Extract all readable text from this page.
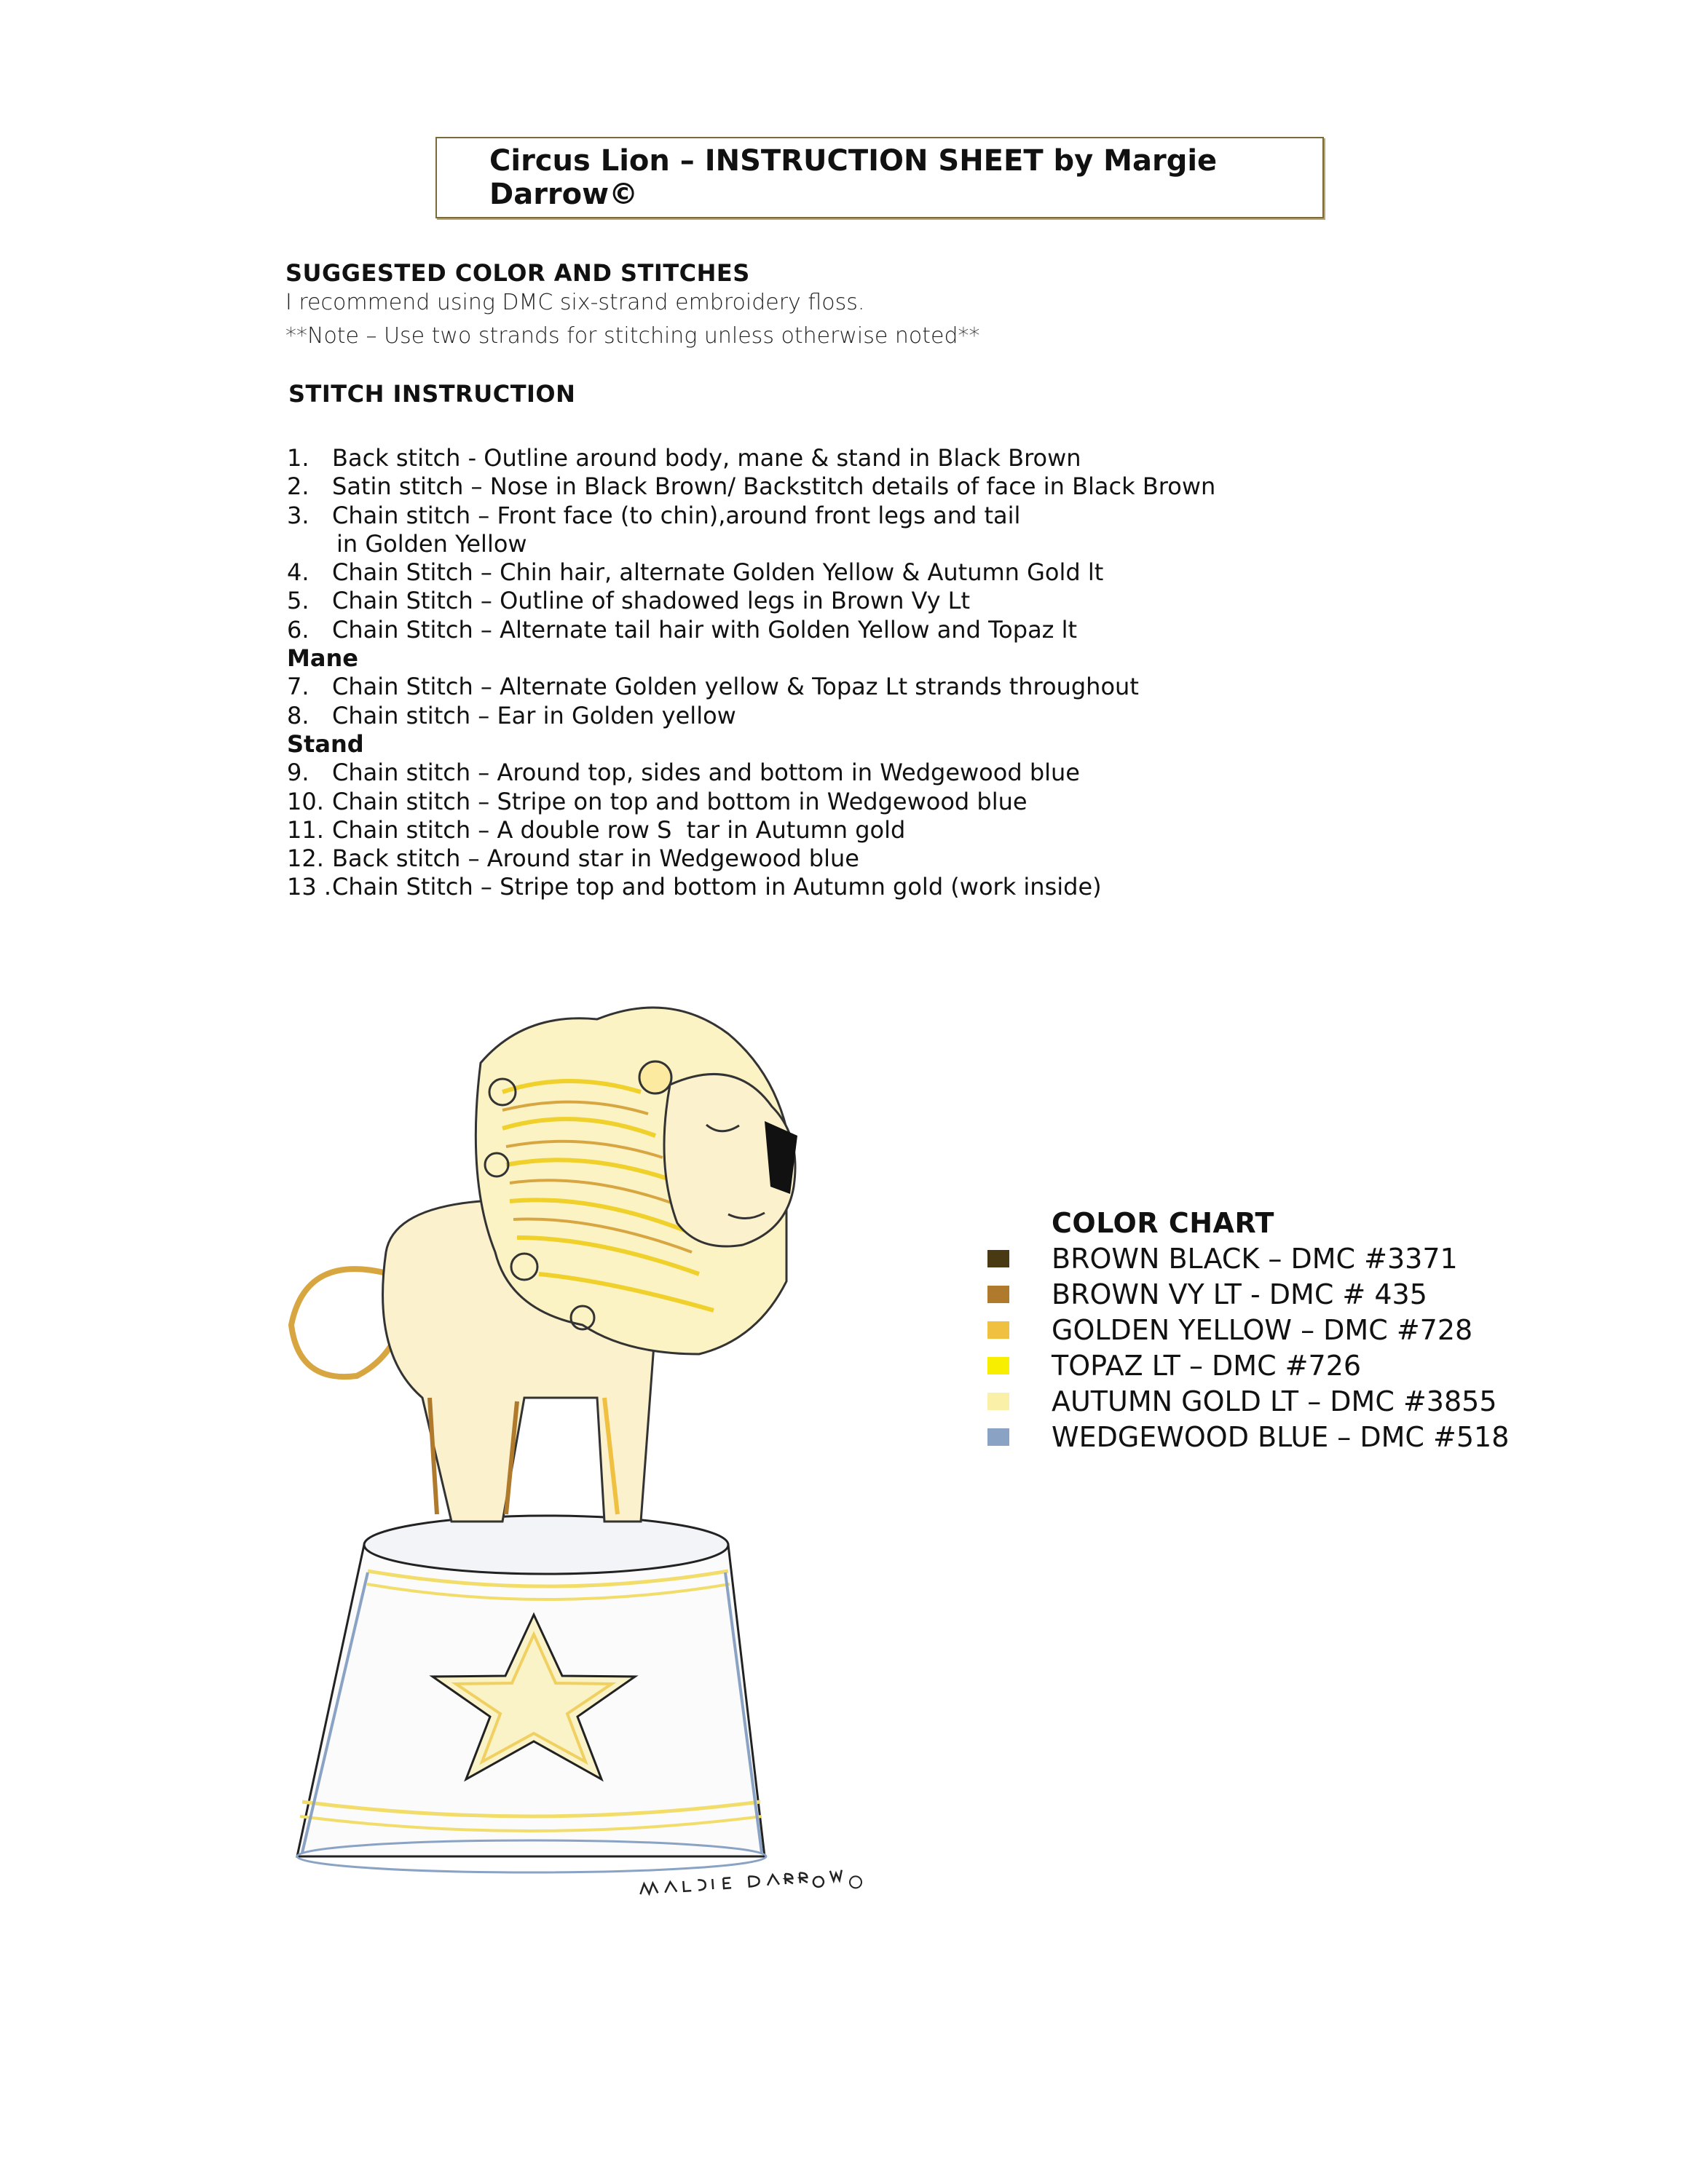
Circus Lion – INSTRUCTION SHEET by Margie Darrow©
SUGGESTED COLOR AND STITCHES
I recommend using DMC six-strand embroidery floss.
**Note – Use two strands for stitching unless otherwise noted**
STITCH INSTRUCTION
1. Back stitch - Outline around body, mane & stand in Black Brown
2. Satin stitch – Nose in Black Brown/ Backstitch details of face in Black Brown
3. Chain stitch – Front face (to chin),around front legs and tail
in Golden Yellow
4. Chain Stitch – Chin hair, alternate Golden Yellow & Autumn Gold lt
5. Chain Stitch – Outline of shadowed legs in Brown Vy Lt
6. Chain Stitch – Alternate tail hair with Golden Yellow and Topaz lt
Mane
7. Chain Stitch – Alternate Golden yellow & Topaz Lt strands throughout
8. Chain stitch – Ear in Golden yellow
Stand
9. Chain stitch – Around top, sides and bottom in Wedgewood blue
10. Chain stitch – Stripe on top and bottom in Wedgewood blue
11. Chain stitch – A double row S  tar in Autumn gold
12. Back stitch – Around star in Wedgewood blue
13 .Chain Stitch – Stripe top and bottom in Autumn gold (work inside)
COLOR CHART
BROWN BLACK – DMC #3371
BROWN VY LT - DMC # 435
GOLDEN YELLOW – DMC #728
TOPAZ LT – DMC #726
AUTUMN GOLD LT – DMC #3855
WEDGEWOOD BLUE – DMC #518
